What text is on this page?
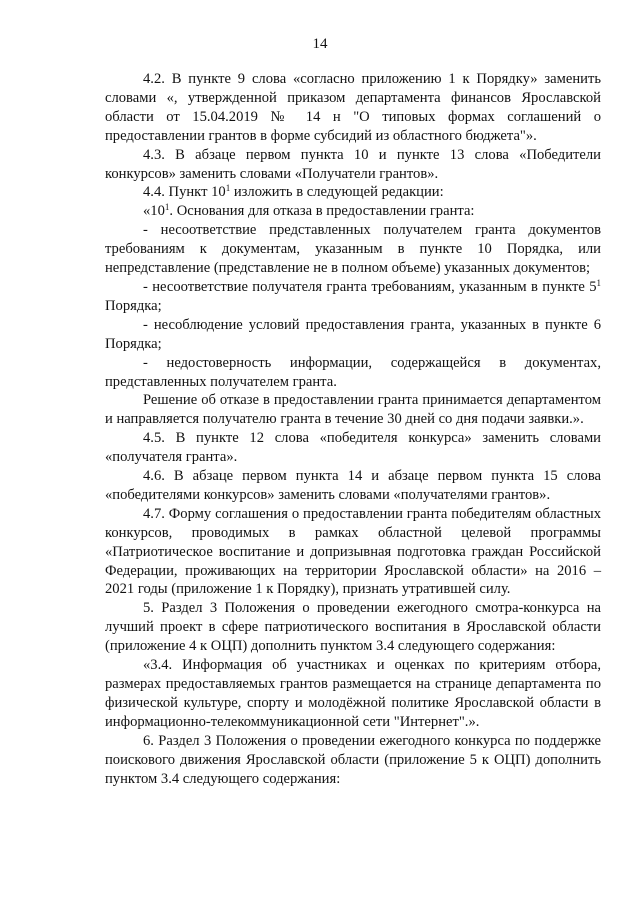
14

4.2. В пункте 9 слова «согласно приложению 1 к Порядку» заменить словами «, утвержденной приказом департамента финансов Ярославской области от 15.04.2019 № 14 н "О типовых формах соглашений о предоставлении грантов в форме субсидий из областного бюджета"».

4.3. В абзаце первом пункта 10 и пункте 13 слова «Победители конкурсов» заменить словами «Получатели грантов».

4.4. Пункт $10^1$ изложить в следующей редакции:

«$10^1$. Основания для отказа в предоставлении гранта:

- несоответствие представленных получателем гранта документов требованиям к документам, указанным в пункте 10 Порядка, или непредставление (представление не в полном объеме) указанных документов;

- несоответствие получателя гранта требованиям, указанным в пункте $5^1$ Порядка;

- несоблюдение условий предоставления гранта, указанных в пункте 6 Порядка;

- недостоверность информации, содержащейся в документах, представленных получателем гранта.

Решение об отказе в предоставлении гранта принимается департаментом и направляется получателю гранта в течение 30 дней со дня подачи заявки.».

4.5. В пункте 12 слова «победителя конкурса» заменить словами «получателя гранта».

4.6. В абзаце первом пункта 14 и абзаце первом пункта 15 слова «победителями конкурсов» заменить словами «получателями грантов».

4.7. Форму соглашения о предоставлении гранта победителям областных конкурсов, проводимых в рамках областной целевой программы «Патриотическое воспитание и допризывная подготовка граждан Российской Федерации, проживающих на территории Ярославской области» на 2016 – 2021 годы (приложение 1 к Порядку), признать утратившей силу.

5. Раздел 3 Положения о проведении ежегодного смотра-конкурса на лучший проект в сфере патриотического воспитания в Ярославской области (приложение 4 к ОЦП) дополнить пунктом 3.4 следующего содержания:

«3.4. Информация об участниках и оценках по критериям отбора, размерах предоставляемых грантов размещается на странице департамента по физической культуре, спорту и молодёжной политике Ярославской области в информационно-телекоммуникационной сети "Интернет".».

6. Раздел 3 Положения о проведении ежегодного конкурса по поддержке поискового движения Ярославской области (приложение 5 к ОЦП) дополнить пунктом 3.4 следующего содержания:
